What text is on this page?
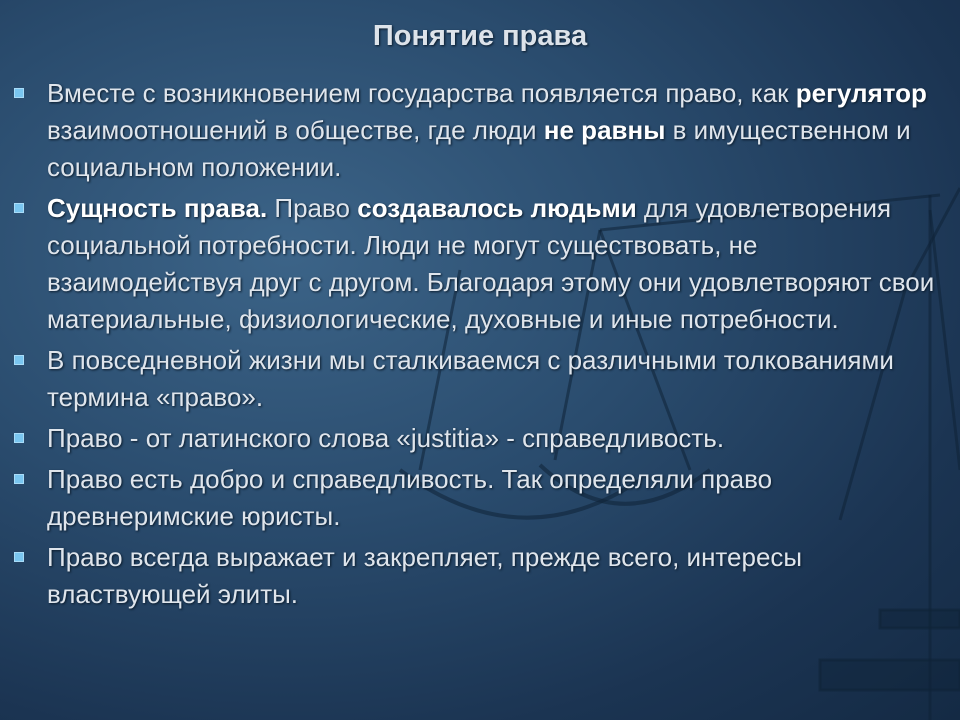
Понятие права
Вместе с возникновением государства появляется право, как регулятор взаимоотношений в обществе, где люди не равны в имущественном и социальном положении.
Сущность права. Право создавалось людьми для удовлетворения социальной потребности. Люди не могут существовать, не взаимодействуя друг с другом. Благодаря этому они удовлетворяют свои материальные, физиологические, духовные и иные потребности.
В повседневной жизни мы сталкиваемся с различными толкованиями термина «право».
Право - от латинского слова «justitia» - справедливость.
Право есть добро и справедливость. Так определяли право древнеримские юристы.
Право всегда выражает и закрепляет, прежде всего, интересы властвующей элиты.
